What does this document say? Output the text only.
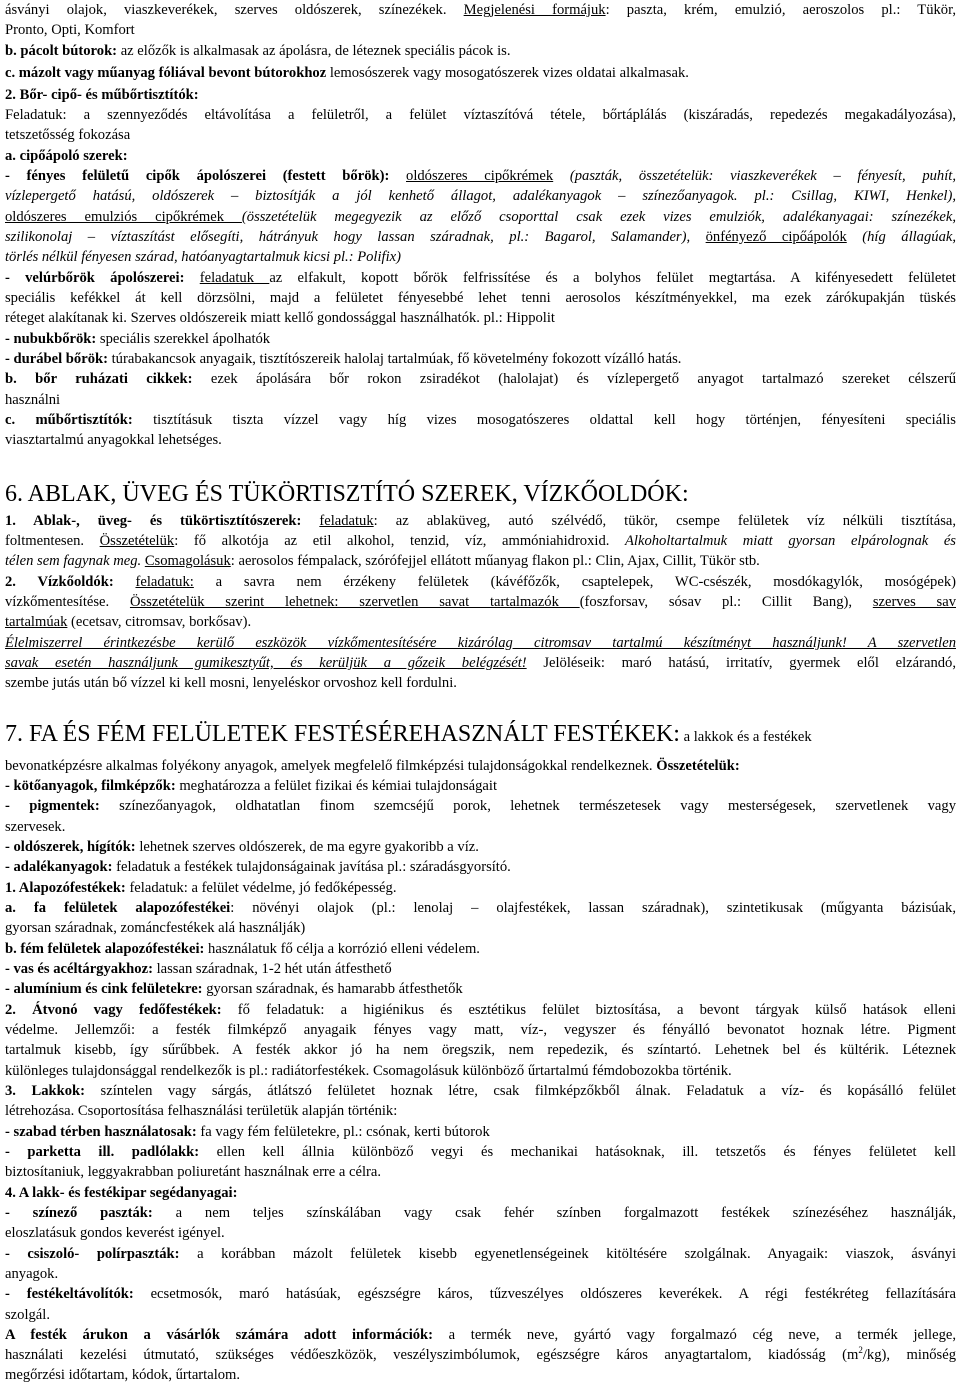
ásványi olajok, viaszkeverékek, szerves oldószerek, színezékek. Megjelenési formájuk: paszta, krém, emulzió, aeroszolos pl.: Tükör,
Pronto, Opti, Komfort
b. pácolt bútorok: az előzők is alkalmasak az ápolásra, de léteznek speciális pácok is.
c. mázolt vagy műanyag fóliával bevont bútorokhoz lemosószerek vagy mosogatószerek vizes oldatai alkalmasak.
2. Bőr- cipő- és műbőrtisztítók:
Feladatuk: a szennyeződés eltávolítása a felületről, a felület víztaszítóvá tétele, bőrtáplálás (kiszáradás, repedezés megakadályozása),
tetszetősség fokozása
a. cipőápoló szerek:
- fényes felületű cipők ápolószerei (festett bőrök): oldószeres cipőkrémek (paszták, összetételük: viaszkeverékek – fényesít, puhít,
vízlepergető hatású, oldószerek – biztosítják a jól kenhető állagot, adalékanyagok – színezőanyagok. pl.: Csillag, KIWI, Henkel),
oldószeres emulziós cipőkrémek (összetételük megegyezik az előző csoporttal csak ezek vizes emulziók, adalékanyagai: színezékek,
szilikonolaj – víztaszítást elősegíti, hátrányuk hogy lassan száradnak, pl.: Bagarol, Salamander), önfényező cipőápolók (híg állagúak,
törlés nélkül fényesen szárad, hatóanyagtartalmuk kicsi pl.: Polifix)
- velúrbőrök ápolószerei: feladatuk az elfakult, kopott bőrök felfrissítése és a bolyhos felület megtartása. A kifényesedett felületet
speciális kefékkel át kell dörzsölni, majd a felületet fényesebbé lehet tenni aerosolos készítményekkel, ma ezek zárókupakján tüskés
réteget alakítanak ki. Szerves oldószereik miatt kellő gondossággal használhatók. pl.: Hippolit
- nubukbőrök: speciális szerekkel ápolhatók
- durábel bőrök: túrabakancsok anyagaik, tisztítószereik halolaj tartalmúak, fő követelmény fokozott vízálló hatás.
b. bőr ruházati cikkek: ezek ápolására bőr rokon zsiradékot (halolajat) és vízlepergető anyagot tartalmazó szereket célszerű
használni
c. műbőrtisztítók: tisztításuk tiszta vízzel vagy híg vizes mosogatószeres oldattal kell hogy történjen, fényesíteni speciális
viasztartalmú anyagokkal lehetséges.
6. ABLAK, ÜVEG ÉS TÜKÖRTISZTÍTÓ SZEREK, VÍZKŐOLDÓK:
1. Ablak-, üveg- és tükörtisztítószerek: feladatuk: az ablaküveg, autó szélvédő, tükör, csempe felületek víz nélküli tisztítása,
foltmentesen. Összetételük: fő alkotója az etil alkohol, tenzid, víz, ammóniahidroxid. Alkoholtartalmuk miatt gyorsan elpárolognak és
télen sem fagynak meg. Csomagolásuk: aerosolos fémpalack, szórófejjel ellátott műanyag flakon pl.: Clin, Ajax, Cillit, Tükör stb.
2. Vízkőoldók: feladatuk: a savra nem érzékeny felületek (kávéfőzők, csaptelepek, WC-csészék, mosdókagylók, mosógépek)
vízkőmentesítése. Összetételük szerint lehetnek: szervetlen savat tartalmazók (foszforsav, sósav pl.: Cillit Bang), szerves sav
tartalmúak (ecetsav, citromsav, borkősav).
Élelmiszerrel érintkezésbe kerülő eszközök vízkőmentesítésére kizárólag citromsav tartalmú készítményt használjunk! A szervetlen
savak esetén használjunk gumikesztyűt, és kerüljük a gőzeik belégzését! Jelöléseik: maró hatású, irritatív, gyermek elől elzárandó,
szembe jutás után bő vízzel ki kell mosni, lenyeléskor orvoshoz kell fordulni.
7. FA ÉS FÉM FELÜLETEK FESTÉSÉREHASZNÁLT FESTÉKEK: a lakkok és a festékek
bevonatképzésre alkalmas folyékony anyagok, amelyek megfelelő filmképzési tulajdonságokkal rendelkeznek. Összetételük:
- kötőanyagok, filmképzők: meghatározza a felület fizikai és kémiai tulajdonságait
- pigmentek: színezőanyagok, oldhatatlan finom szemcséjű porok, lehetnek természetesek vagy mesterségesek, szervetlenek vagy
szervesek.
- oldószerek, hígítók: lehetnek szerves oldószerek, de ma egyre gyakoribb a víz.
- adalékanyagok: feladatuk a festékek tulajdonságainak javítása pl.: száradásgyorsító.
1. Alapozófestékek: feladatuk: a felület védelme, jó fedőképesség.
a. fa felületek alapozófestékei: növényi olajok (pl.: lenolaj – olajfestékek, lassan száradnak), szintetikusak (műgyanta bázisúak,
gyorsan száradnak, zománcfestékek alá használják)
b. fém felületek alapozófestékei: használatuk fő célja a korrózió elleni védelem.
- vas és acéltárgyakhoz: lassan száradnak, 1-2 hét után átfesthető
- alumínium és cink felületekre: gyorsan száradnak, és hamarabb átfesthetők
2. Átvonó vagy fedőfestékek: fő feladatuk: a higiénikus és esztétikus felület biztosítása, a bevont tárgyak külső hatások elleni
védelme. Jellemzői: a festék filmképző anyagaik fényes vagy matt, víz-, vegyszer és fényálló bevonatot hoznak létre. Pigment
tartalmuk kisebb, így sűrűbbek. A festék akkor jó ha nem öregszik, nem repedezik, és színtartó. Lehetnek bel és kültérik. Léteznek
különleges tulajdonsággal rendelkezők is pl.: radiátorfestékek. Csomagolásuk különböző űrtartalmú fémdobozokba történik.
3. Lakkok: színtelen vagy sárgás, átlátszó felületet hoznak létre, csak filmképzőkből álnak. Feladatuk a víz- és kopásálló felület
létrehozása. Csoportosítása felhasználási területük alapján történik:
- szabad térben használatosak: fa vagy fém felületekre, pl.: csónak, kerti bútorok
- parketta ill. padlólakk: ellen kell állnia különböző vegyi és mechanikai hatásoknak, ill. tetszetős és fényes felületet kell
biztosítaniuk, leggyakrabban poliuretánt használnak erre a célra.
4. A lakk- és festékipar segédanyagai:
- színező paszták: a nem teljes színskálában vagy csak fehér színben forgalmazott festékek színezéséhez használják,
eloszlatásuk gondos keverést igényel.
- csiszoló- polírpaszták: a korábban mázolt felületek kisebb egyenetlenségeinek kitöltésére szolgálnak. Anyagaik: viaszok, ásványi
anyagok.
- festékeltávolítók: ecsetmosók, maró hatásúak, egészségre káros, tűzveszélyes oldószeres keverékek. A régi festékréteg fellazítására
szolgál.
A festék árukon a vásárlók számára adott információk: a termék neve, gyártó vagy forgalmazó cég neve, a termék jellege,
használati kezelési útmutató, szükséges védőeszközök, veszélyszimbólumok, egészségre káros anyagtartalom, kiadósság $(m^2/kg)$, minőség
megőrzési időtartam, kódok, űrtartalom.
